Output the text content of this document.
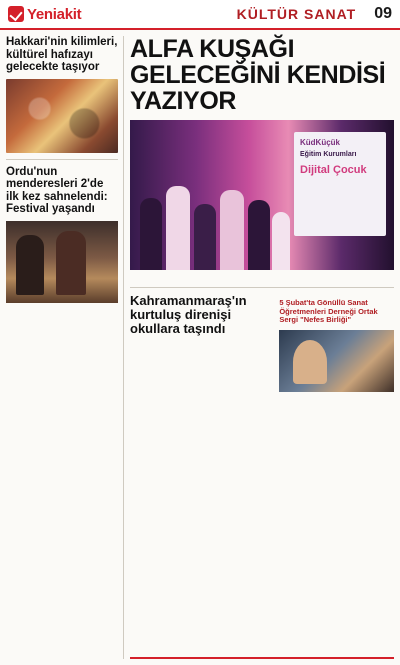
Yeniakit	KÜLTÜR SANAT 09
Hakkari'nin kilimleri, kültürel hafızayı gelecekte taşıyor

Ordu'nun menderesleri 2'de ilk kez sahnelendi: Festival yaşandı

ALFA KUŞAĞI GELECEĞİNİ KENDİSİ YAZIYOR

KüdKüçük
Eğitim Kurumları
Dijital Çocuk

Kahramanmaraş'ın kurtuluş direnişi okullara taşındı

5 Şubat'ta Gönüllü Sanat Öğretmenleri Derneği Ortak Sergi "Nefes Birliği"
